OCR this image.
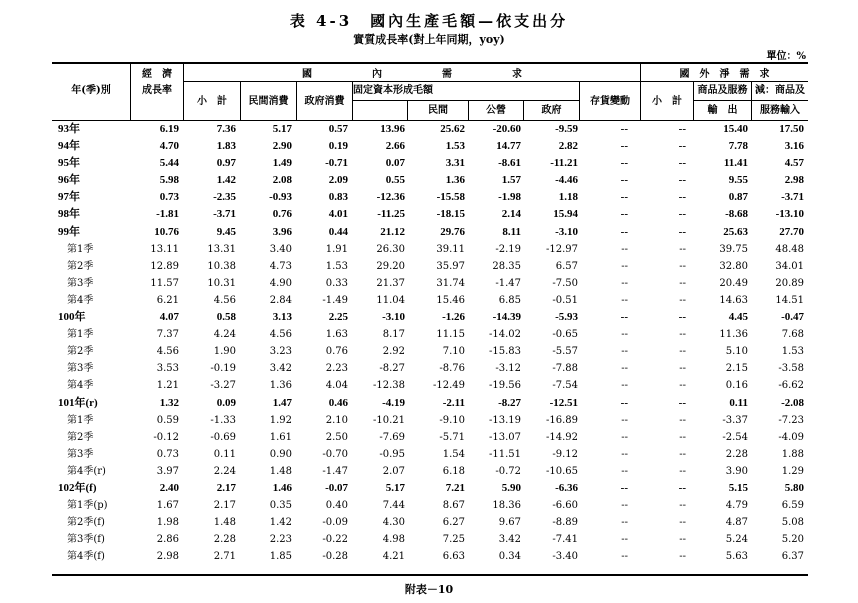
表 4-3　國內生產毛額—依支出分
實質成長率(對上年同期，yoy)
單位：%
年(季)別
經　濟
成長率
國　　　　　　內　　　　　　需　　　　　　求
小　計	民間消費	政府消費
固定資本形成毛額
民間	公營	政府
存貨變動
國　外　淨　需　求
小　計
商品及服務
輸　出
減：商品及
服務輸入
93年	6.19	7.36	5.17	0.57	13.96	25.62	-20.60	-9.59	--	--	15.40	17.50
94年	4.70	1.83	2.90	0.19	2.66	1.53	14.77	2.82	--	--	7.78	3.16
95年	5.44	0.97	1.49	-0.71	0.07	3.31	-8.61	-11.21	--	--	11.41	4.57
96年	5.98	1.42	2.08	2.09	0.55	1.36	1.57	-4.46	--	--	9.55	2.98
97年	0.73	-2.35	-0.93	0.83	-12.36	-15.58	-1.98	1.18	--	--	0.87	-3.71
98年	-1.81	-3.71	0.76	4.01	-11.25	-18.15	2.14	15.94	--	--	-8.68	-13.10
99年	10.76	9.45	3.96	0.44	21.12	29.76	8.11	-3.10	--	--	25.63	27.70
第1季	13.11	13.31	3.40	1.91	26.30	39.11	-2.19 -12.97	--	--	39.75	48.48
第2季	12.89	10.38	4.73	1.53	29.20	35.97	28.35	6.57	--	--	32.80	34.01
第3季	11.57	10.31	4.90	0.33	21.37	31.74	-1.47	-7.50	--	--	20.49	20.89
第4季	6.21	4.56	2.84	-1.49	11.04	15.46	6.85	-0.51	--	--	14.63	14.51
100年	4.07	0.58	3.13	2.25	-3.10	-1.26	-14.39	-5.93	--	--	4.45	-0.47
第1季	7.37	4.24	4.56	1.63	8.17	11.15 -14.02	-0.65	--	--	11.36	7.68
第2季	4.56	1.90	3.23	0.76	2.92	7.10 -15.83	-5.57	--	--	5.10	1.53
第3季	3.53	-0.19	3.42	2.23	-8.27	-8.76	-3.12	-7.88	--	--	2.15	-3.58
第4季	1.21	-3.27	1.36	4.04 -12.38	-12.49 -19.56	-7.54	--	--	0.16	-6.62
101年(r)	1.32	0.09	1.47	0.46	-4.19	-2.11	-8.27	-12.51	--	--	0.11	-2.08
第1季	0.59	-1.33	1.92	2.10 -10.21	-9.10 -13.19 -16.89	--	--	-3.37	-7.23
第2季	-0.12	-0.69	1.61	2.50	-7.69	-5.71 -13.07 -14.92	--	--	-2.54	-4.09
第3季	0.73	0.11	0.90	-0.70	-0.95	1.54 -11.51	-9.12	--	--	2.28	1.88
第4季(r)	3.97	2.24	1.48	-1.47	2.07	6.18	-0.72 -10.65	--	--	3.90	1.29
102年(f)	2.40	2.17	1.46	-0.07	5.17	7.21	5.90	-6.36	--	--	5.15	5.80
第1季(p)	1.67	2.17	0.35	0.40	7.44	8.67	18.36	-6.60	--	--	4.79	6.59
第2季(f)	1.98	1.48	1.42	-0.09	4.30	6.27	9.67	-8.89	--	--	4.87	5.08
第3季(f)	2.86	2.28	2.23	-0.22	4.98	7.25	3.42	-7.41	--	--	5.24	5.20
第4季(f)	2.98	2.71	1.85	-0.28	4.21	6.63	0.34	-3.40	--	--	5.63	6.37
附表－10
